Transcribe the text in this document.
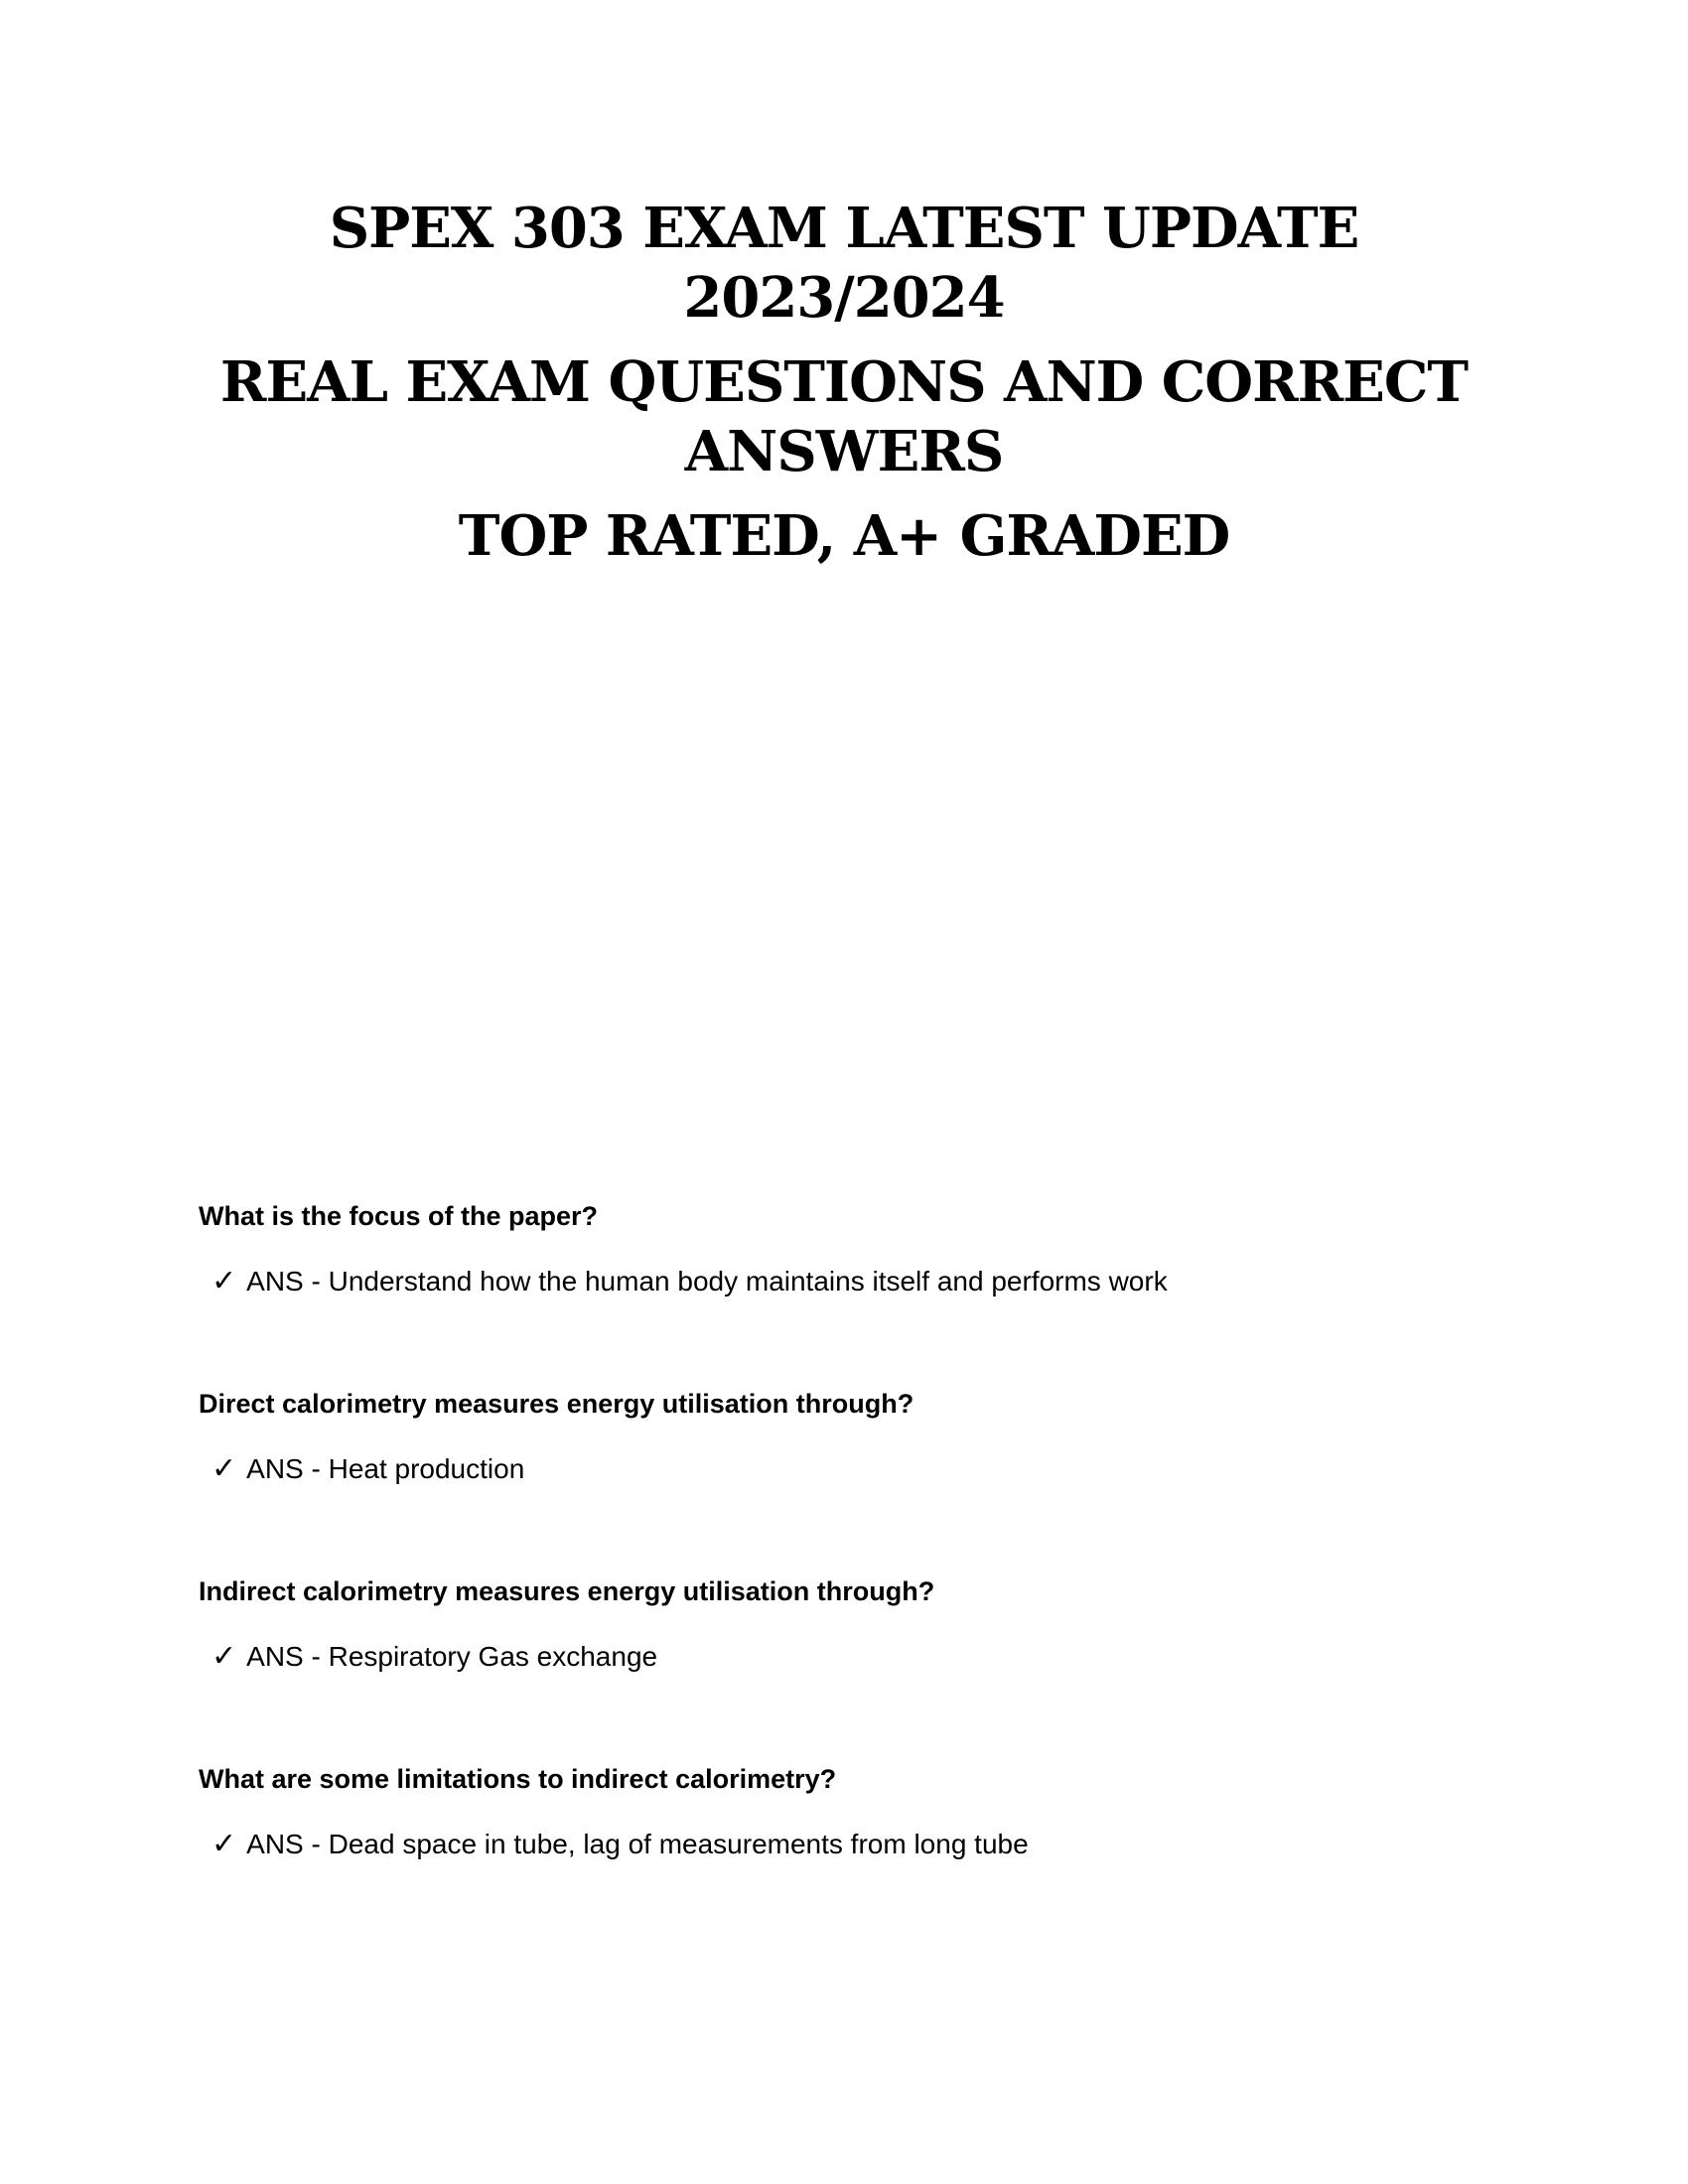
SPEX 303 EXAM LATEST UPDATE

2023/2024

REAL EXAM QUESTIONS AND CORRECT

ANSWERS

TOP RATED, A+ GRADED

What is the focus of the paper?

✓ ANS - Understand how the human body maintains itself and performs work

Direct calorimetry measures energy utilisation through?

✓ ANS - Heat production

Indirect calorimetry measures energy utilisation through?

✓ ANS - Respiratory Gas exchange

What are some limitations to indirect calorimetry?

✓ ANS - Dead space in tube, lag of measurements from long tube
